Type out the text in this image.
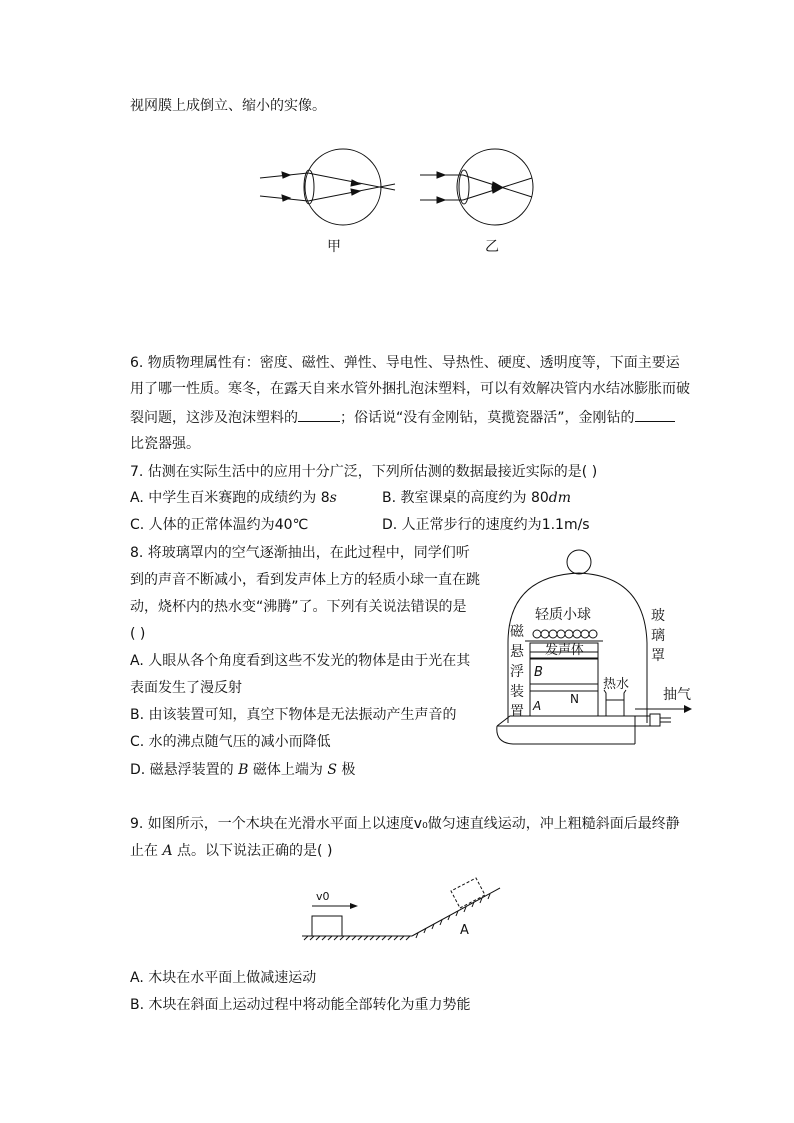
视网膜上成倒立、缩小的实像。
甲	乙
6. 物质物理属性有：密度、磁性、弹性、导电性、导热性、硬度、透明度等，下面主要运
用了哪一性质。寒冬，在露天自来水管外捆扎泡沫塑料，可以有效解决管内水结冰膨胀而破
裂问题，这涉及泡沫塑料的	；俗话说“没有金刚钻，莫揽瓷器活”，金刚钻的
比瓷器强。
7. 估测在实际生活中的应用十分广泛，下列所估测的数据最接近实际的是( )
A. 中学生百米赛跑的成绩约为 8s	B. 教室课桌的高度约为 80dm
C. 人体的正常体温约为40℃	D. 人正常步行的速度约为1.1m/s
8. 将玻璃罩内的空气逐渐抽出，在此过程中，同学们听
到的声音不断减小，看到发声体上方的轻质小球一直在跳
动，烧杯内的热水变“沸腾”了。下列有关说法错误的是
( )
A. 人眼从各个角度看到这些不发光的物体是由于光在其
表面发生了漫反射
B. 由该装置可知，真空下物体是无法振动产生声音的
C. 水的沸点随气压的减小而降低
D. 磁悬浮装置的 B 磁体上端为 S 极
轻质小球
发声体
磁
悬
浮
装
置
B
A N
热水
玻
璃
罩
抽气
9. 如图所示，一个木块在光滑水平面上以速度v₀做匀速直线运动，冲上粗糙斜面后最终静
止在 A 点。以下说法正确的是( )
v0
A
A. 木块在水平面上做减速运动
B. 木块在斜面上运动过程中将动能全部转化为重力势能
